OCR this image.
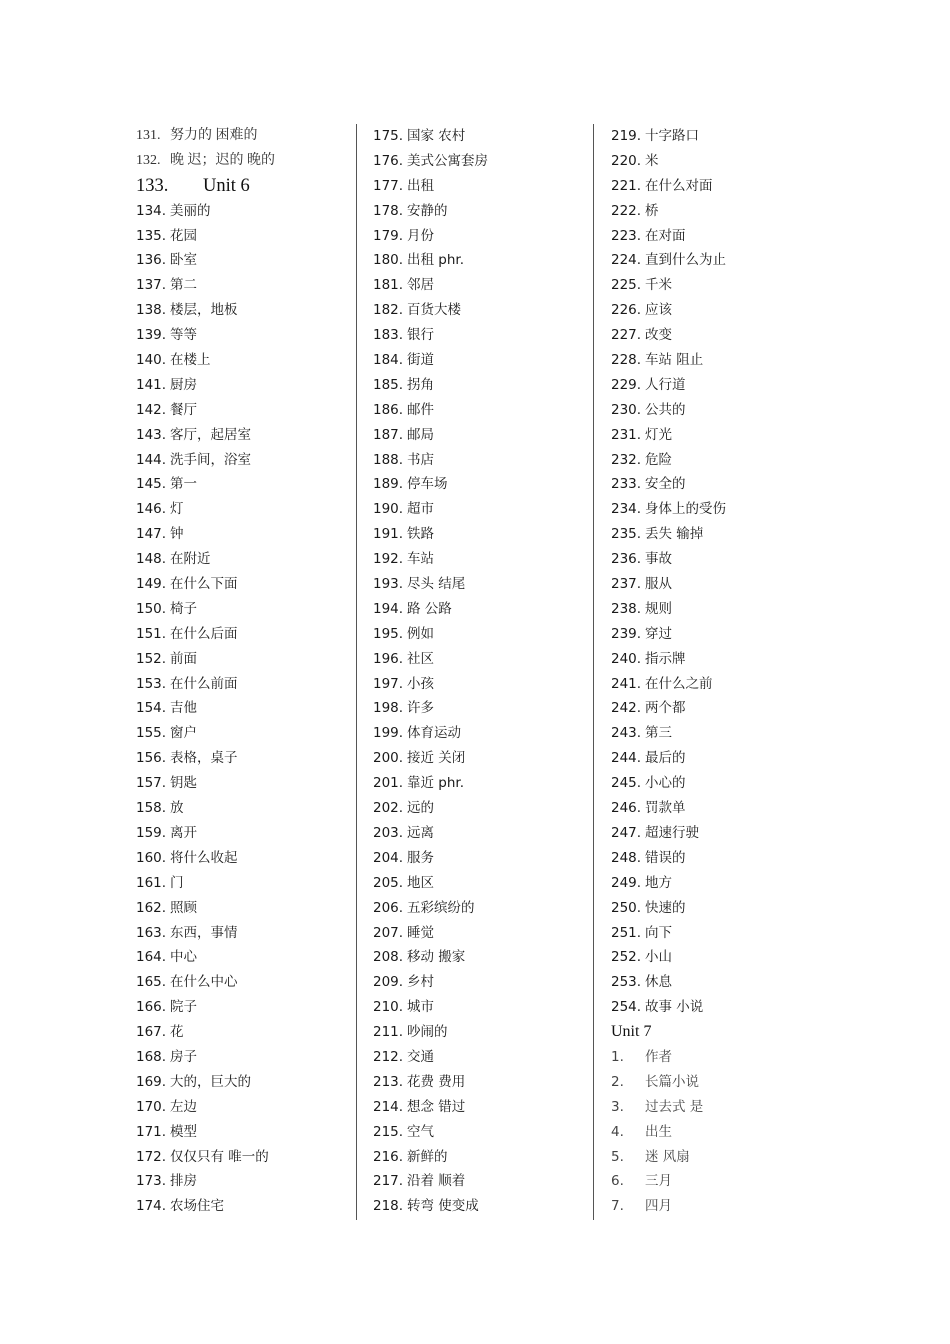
131. 努力的 困难的
132. 晚 迟；迟的 晚的
133.	Unit 6
134. 美丽的
135. 花园
136. 卧室
137. 第二
138. 楼层，地板
139. 等等
140. 在楼上
141. 厨房
142. 餐厅
143. 客厅，起居室
144. 洗手间，浴室
145. 第一
146. 灯
147. 钟
148. 在附近
149. 在什么下面
150. 椅子
151. 在什么后面
152. 前面
153. 在什么前面
154. 吉他
155. 窗户
156. 表格，桌子
157. 钥匙
158. 放
159. 离开
160. 将什么收起
161. 门
162. 照顾
163. 东西，事情
164. 中心
165. 在什么中心
166. 院子
167. 花
168. 房子
169. 大的，巨大的
170. 左边
171. 模型
172. 仅仅只有 唯一的
173. 排房
174. 农场住宅
175. 国家 农村
176. 美式公寓套房
177. 出租
178. 安静的
179. 月份
180. 出租 phr.
181. 邻居
182. 百货大楼
183. 银行
184. 街道
185. 拐角
186. 邮件
187. 邮局
188. 书店
189. 停车场
190. 超市
191. 铁路
192. 车站
193. 尽头 结尾
194. 路 公路
195. 例如
196. 社区
197. 小孩
198. 许多
199. 体育运动
200. 接近 关闭
201. 靠近 phr.
202. 远的
203. 远离
204. 服务
205. 地区
206. 五彩缤纷的
207. 睡觉
208. 移动 搬家
209. 乡村
210. 城市
211. 吵闹的
212. 交通
213. 花费 费用
214. 想念 错过
215. 空气
216. 新鲜的
217. 沿着 顺着
218. 转弯 使变成
219. 十字路口
220. 米
221. 在什么对面
222. 桥
223. 在对面
224. 直到什么为止
225. 千米
226. 应该
227. 改变
228. 车站 阻止
229. 人行道
230. 公共的
231. 灯光
232. 危险
233. 安全的
234. 身体上的受伤
235. 丢失 输掉
236. 事故
237. 服从
238. 规则
239. 穿过
240. 指示牌
241. 在什么之前
242. 两个都
243. 第三
244. 最后的
245. 小心的
246. 罚款单
247. 超速行驶
248. 错误的
249. 地方
250. 快速的
251. 向下
252. 小山
253. 休息
254. 故事 小说
Unit 7
1.	作者
2.	长篇小说
3.	过去式 是
4.	出生
5.	迷 风扇
6.	三月
7.	四月
